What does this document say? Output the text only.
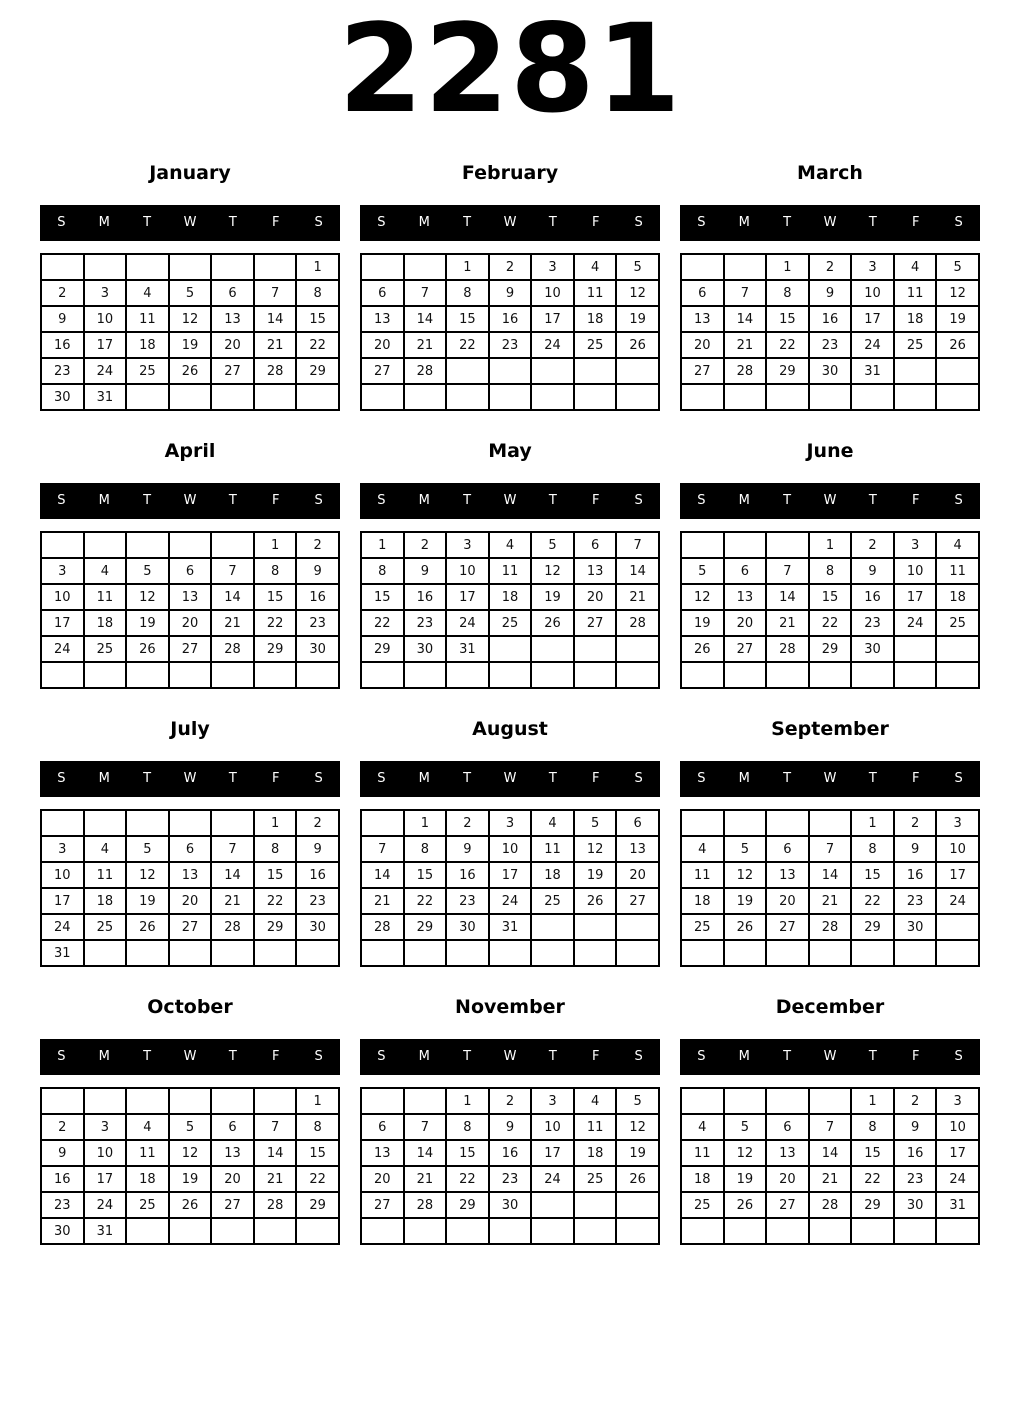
2281
January
S	M	T	W	T	F	S
						1
2	3	4	5	6	7	8
9	10	11	12	13	14	15
16	17	18	19	20	21	22
23	24	25	26	27	28	29
30	31					
February
S	M	T	W	T	F	S
		1	2	3	4	5
6	7	8	9	10	11	12
13	14	15	16	17	18	19
20	21	22	23	24	25	26
27	28					

March
S	M	T	W	T	F	S
		1	2	3	4	5
6	7	8	9	10	11	12
13	14	15	16	17	18	19
20	21	22	23	24	25	26
27	28	29	30	31		

April
S	M	T	W	T	F	S
					1	2
3	4	5	6	7	8	9
10	11	12	13	14	15	16
17	18	19	20	21	22	23
24	25	26	27	28	29	30

May
S	M	T	W	T	F	S
1	2	3	4	5	6	7
8	9	10	11	12	13	14
15	16	17	18	19	20	21
22	23	24	25	26	27	28
29	30	31				

June
S	M	T	W	T	F	S
			1	2	3	4
5	6	7	8	9	10	11
12	13	14	15	16	17	18
19	20	21	22	23	24	25
26	27	28	29	30		

July
S	M	T	W	T	F	S
					1	2
3	4	5	6	7	8	9
10	11	12	13	14	15	16
17	18	19	20	21	22	23
24	25	26	27	28	29	30
31						
August
S	M	T	W	T	F	S
	1	2	3	4	5	6
7	8	9	10	11	12	13
14	15	16	17	18	19	20
21	22	23	24	25	26	27
28	29	30	31			

September
S	M	T	W	T	F	S
				1	2	3
4	5	6	7	8	9	10
11	12	13	14	15	16	17
18	19	20	21	22	23	24
25	26	27	28	29	30	

October
S	M	T	W	T	F	S
						1
2	3	4	5	6	7	8
9	10	11	12	13	14	15
16	17	18	19	20	21	22
23	24	25	26	27	28	29
30	31					
November
S	M	T	W	T	F	S
		1	2	3	4	5
6	7	8	9	10	11	12
13	14	15	16	17	18	19
20	21	22	23	24	25	26
27	28	29	30			

December
S	M	T	W	T	F	S
				1	2	3
4	5	6	7	8	9	10
11	12	13	14	15	16	17
18	19	20	21	22	23	24
25	26	27	28	29	30	31
